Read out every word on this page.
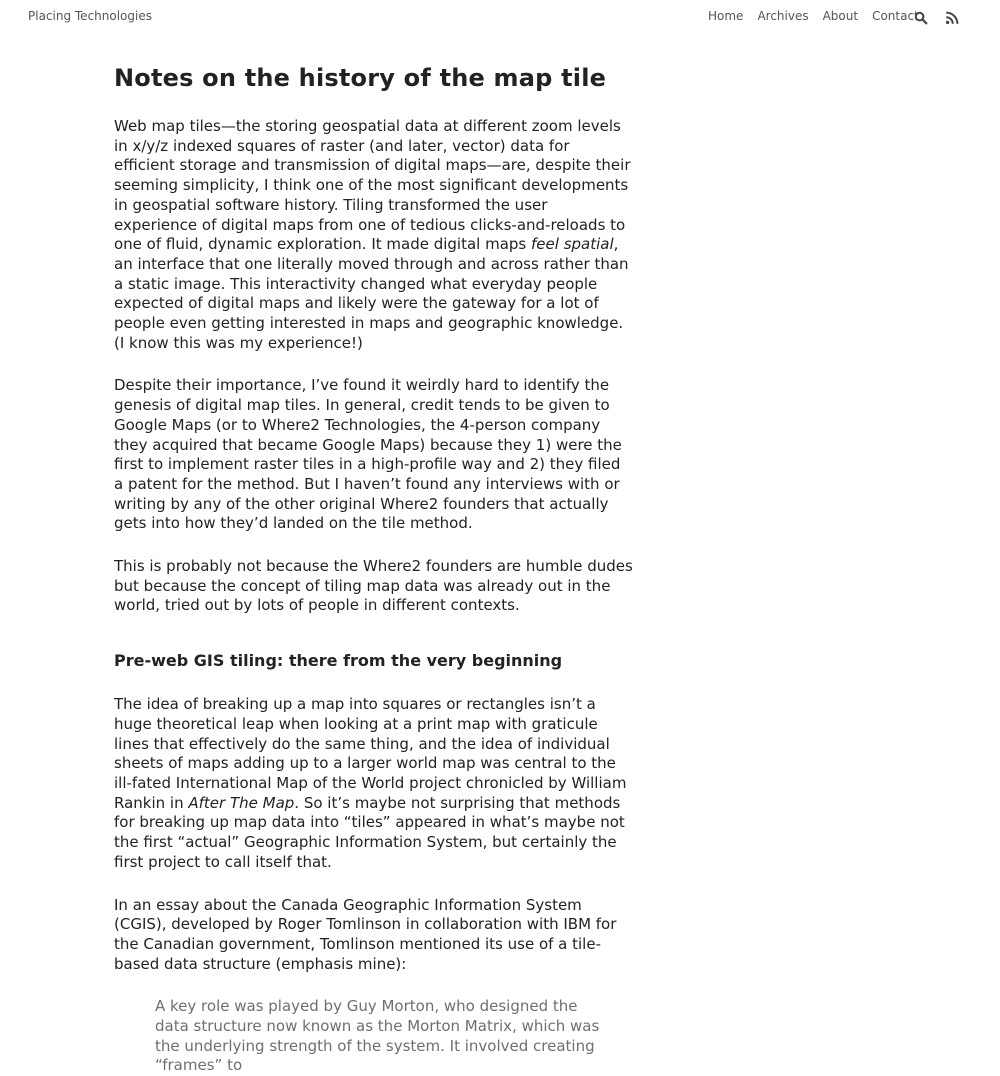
Placing Technologies	Home Archives About Contact
Notes on the history of the map tile

Web map tiles—the storing geospatial data at different zoom levels in x/y/z indexed squares of raster (and later, vector) data for efficient storage and transmission of digital maps—are, despite their seeming simplicity, I think one of the most significant developments in geospatial software history. Tiling transformed the user experience of digital maps from one of tedious clicks-and-reloads to one of fluid, dynamic exploration. It made digital maps feel spatial, an interface that one literally moved through and across rather than a static image. This interactivity changed what everyday people expected of digital maps and likely were the gateway for a lot of people even getting interested in maps and geographic knowledge. (I know this was my experience!)

Despite their importance, I’ve found it weirdly hard to identify the genesis of digital map tiles. In general, credit tends to be given to Google Maps (or to Where2 Technologies, the 4-person company they acquired that became Google Maps) because they 1) were the first to implement raster tiles in a high-profile way and 2) they filed a patent for the method. But I haven’t found any interviews with or writing by any of the other original Where2 founders that actually gets into how they’d landed on the tile method.

This is probably not because the Where2 founders are humble dudes but because the concept of tiling map data was already out in the world, tried out by lots of people in different contexts.

Pre-web GIS tiling: there from the very beginning

The idea of breaking up a map into squares or rectangles isn’t a huge theoretical leap when looking at a print map with graticule lines that effectively do the same thing, and the idea of individual sheets of maps adding up to a larger world map was central to the ill-fated International Map of the World project chronicled by William Rankin in After The Map. So it’s maybe not surprising that methods for breaking up map data into “tiles” appeared in what’s maybe not the first “actual” Geographic Information System, but certainly the first project to call itself that.

In an essay about the Canada Geographic Information System (CGIS), developed by Roger Tomlinson in collaboration with IBM for the Canadian government, Tomlinson mentioned its use of a tile-based data structure (emphasis mine):

A key role was played by Guy Morton, who designed the data structure now known as the Morton Matrix, which was the underlying strength of the system. It involved creating “frames” to
